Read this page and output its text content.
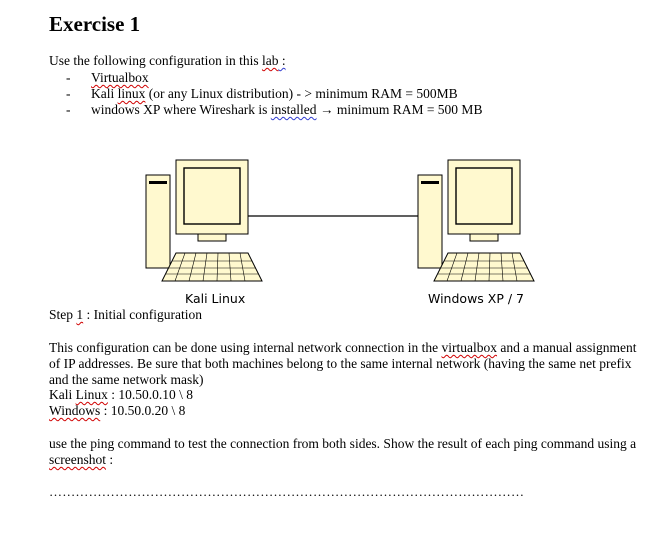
Exercise 1
Use the following configuration in this lab :
- Virtualbox
- Kali linux (or any Linux distribution) - > minimum RAM = 500MB
- windows XP where Wireshark is installed → minimum RAM = 500 MB
Kali Linux	Windows XP / 7
Step 1 : Initial configuration
This configuration can be done using internal network connection in the virtualbox and a manual assignment of IP addresses. Be sure that both machines belong to the same internal network (having the same net prefix and the same network mask)
Kali Linux : 10.50.0.10 \ 8
Windows : 10.50.0.20 \ 8
use the ping command to test the connection from both sides. Show the result of each ping command using a screenshot :
………………………………………………………………………………………………
